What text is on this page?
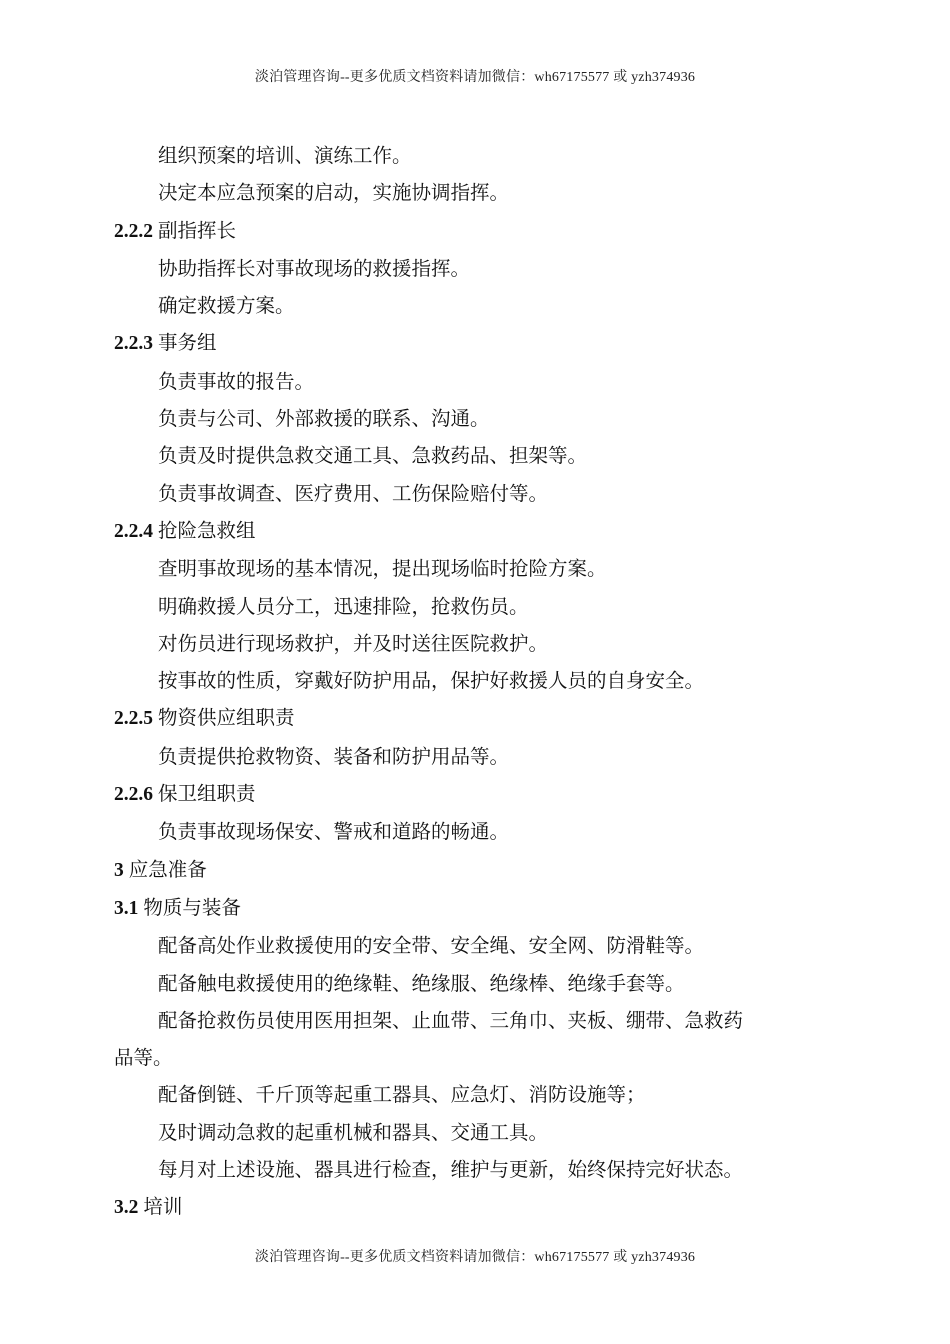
淡泊管理咨询--更多优质文档资料请加微信：wh67175577 或 yzh374936
组织预案的培训、演练工作。
决定本应急预案的启动，实施协调指挥。
2.2.2 副指挥长
协助指挥长对事故现场的救援指挥。
确定救援方案。
2.2.3 事务组
负责事故的报告。
负责与公司、外部救援的联系、沟通。
负责及时提供急救交通工具、急救药品、担架等。
负责事故调查、医疗费用、工伤保险赔付等。
2.2.4 抢险急救组
查明事故现场的基本情况，提出现场临时抢险方案。
明确救援人员分工，迅速排险，抢救伤员。
对伤员进行现场救护，并及时送往医院救护。
按事故的性质，穿戴好防护用品，保护好救援人员的自身安全。
2.2.5 物资供应组职责
负责提供抢救物资、装备和防护用品等。
2.2.6 保卫组职责
负责事故现场保安、警戒和道路的畅通。
3 应急准备
3.1 物质与装备
配备高处作业救援使用的安全带、安全绳、安全网、防滑鞋等。
配备触电救援使用的绝缘鞋、绝缘服、绝缘棒、绝缘手套等。
配备抢救伤员使用医用担架、止血带、三角巾、夹板、绷带、急救药
品等。
配备倒链、千斤顶等起重工器具、应急灯、消防设施等；
及时调动急救的起重机械和器具、交通工具。
每月对上述设施、器具进行检查，维护与更新，始终保持完好状态。
3.2 培训
淡泊管理咨询--更多优质文档资料请加微信：wh67175577 或 yzh374936
